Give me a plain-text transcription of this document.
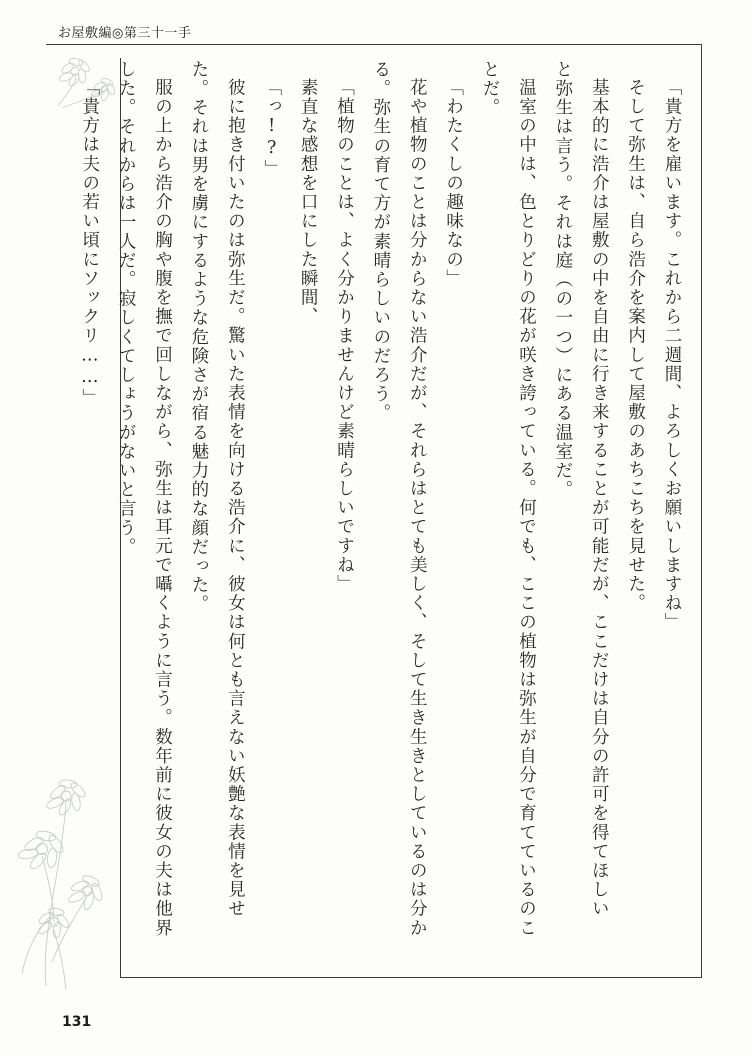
お屋敷編◎第三十一手

「貴方を雇います。これから二週間、よろしくお願いしますね」

そして弥生は、自ら浩介を案内して屋敷のあちこちを見せた。

基本的に浩介は屋敷の中を自由に行き来することが可能だが、ここだけは自分の許可を得てほしい と弥生は言う。それは庭（の一つ）にある温室だ。

温室の中は、色とりどりの花が咲き誇っている。何でも、ここの植物は弥生が自分で育てているのことだ。

「わたくしの趣味なの」

花や植物のことは分からない浩介だが、それらはとても美しく、そして生き生きとしているのは分かる。弥生の育て方が素晴らしいのだろう。

「植物のことは、よく分かりませんけど素晴らしいですね」

素直な感想を口にした瞬間、

「っ!?」

彼に抱き付いたのは弥生だ。驚いた表情を向ける浩介に、彼女は何とも言えない妖艶な表情を見せ た。それは男を虜にするような危険さが宿る魅力的な顔だった。

服の上から浩介の胸や腹を撫で回しながら、弥生は耳元で囁くように言う。数年前に彼女の夫は他界した。それからは一人だ。寂しくてしょうがないと言う。

「貴方は夫の若い頃にソックリ……」

131
